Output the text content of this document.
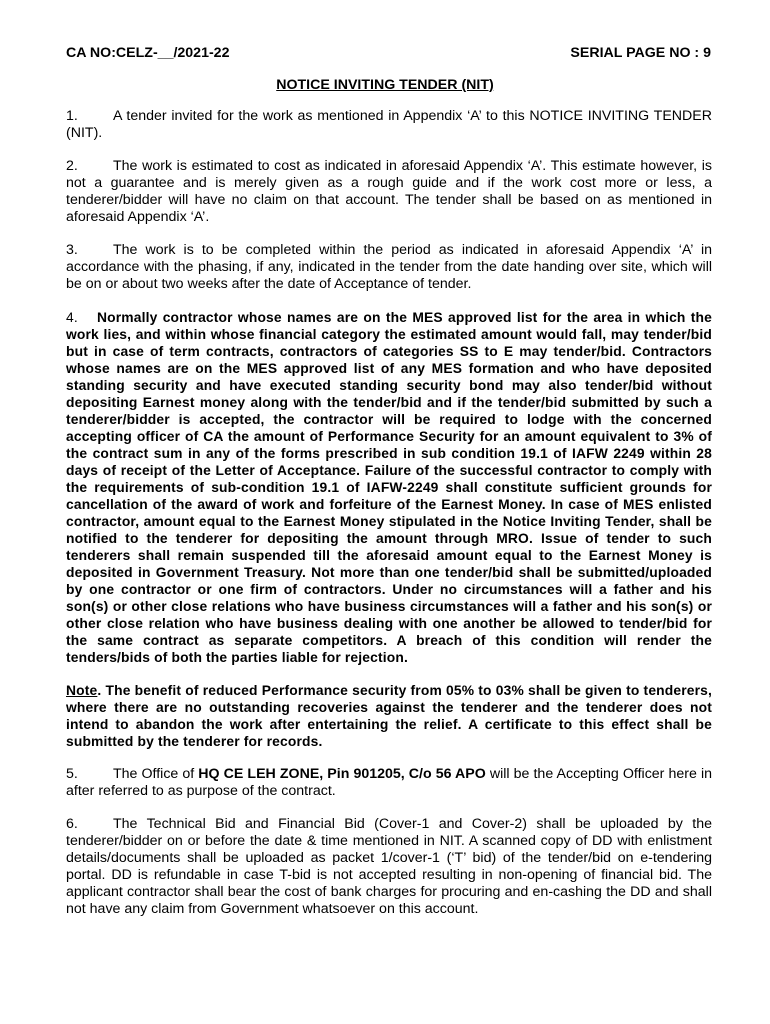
CA NO:CELZ-__/2021-22	SERIAL PAGE NO : 9
NOTICE INVITING TENDER (NIT)

1. A tender invited for the work as mentioned in Appendix ‘A’ to this NOTICE INVITING TENDER (NIT).

2. The work is estimated to cost as indicated in aforesaid Appendix ‘A’. This estimate however, is not a guarantee and is merely given as a rough guide and if the work cost more or less, a tenderer/bidder will have no claim on that account. The tender shall be based on as mentioned in aforesaid Appendix ‘A’.

3. The work is to be completed within the period as indicated in aforesaid Appendix ‘A’ in accordance with the phasing, if any, indicated in the tender from the date handing over site, which will be on or about two weeks after the date of Acceptance of tender.

4. Normally contractor whose names are on the MES approved list for the area in which the work lies, and within whose financial category the estimated amount would fall, may tender/bid but in case of term contracts, contractors of categories SS to E may tender/bid. Contractors whose names are on the MES approved list of any MES formation and who have deposited standing security and have executed standing security bond may also tender/bid without depositing Earnest money along with the tender/bid and if the tender/bid submitted by such a tenderer/bidder is accepted, the contractor will be required to lodge with the concerned accepting officer of CA the amount of Performance Security for an amount equivalent to 3% of the contract sum in any of the forms prescribed in sub condition 19.1 of IAFW 2249 within 28 days of receipt of the Letter of Acceptance. Failure of the successful contractor to comply with the requirements of sub-condition 19.1 of IAFW-2249 shall constitute sufficient grounds for cancellation of the award of work and forfeiture of the Earnest Money. In case of MES enlisted contractor, amount equal to the Earnest Money stipulated in the Notice Inviting Tender, shall be notified to the tenderer for depositing the amount through MRO. Issue of tender to such tenderers shall remain suspended till the aforesaid amount equal to the Earnest Money is deposited in Government Treasury. Not more than one tender/bid shall be submitted/uploaded by one contractor or one firm of contractors. Under no circumstances will a father and his son(s) or other close relations who have business circumstances will a father and his son(s) or other close relation who have business dealing with one another be allowed to tender/bid for the same contract as separate competitors. A breach of this condition will render the tenders/bids of both the parties liable for rejection.

Note. The benefit of reduced Performance security from 05% to 03% shall be given to tenderers, where there are no outstanding recoveries against the tenderer and the tenderer does not intend to abandon the work after entertaining the relief. A certificate to this effect shall be submitted by the tenderer for records.

5. The Office of HQ CE LEH ZONE, Pin 901205, C/o 56 APO will be the Accepting Officer here in after referred to as purpose of the contract.

6. The Technical Bid and Financial Bid (Cover-1 and Cover-2) shall be uploaded by the tenderer/bidder on or before the date & time mentioned in NIT. A scanned copy of DD with enlistment details/documents shall be uploaded as packet 1/cover-1 (‘T’ bid) of the tender/bid on e-tendering portal. DD is refundable in case T-bid is not accepted resulting in non-opening of financial bid. The applicant contractor shall bear the cost of bank charges for procuring and en-cashing the DD and shall not have any claim from Government whatsoever on this account.
